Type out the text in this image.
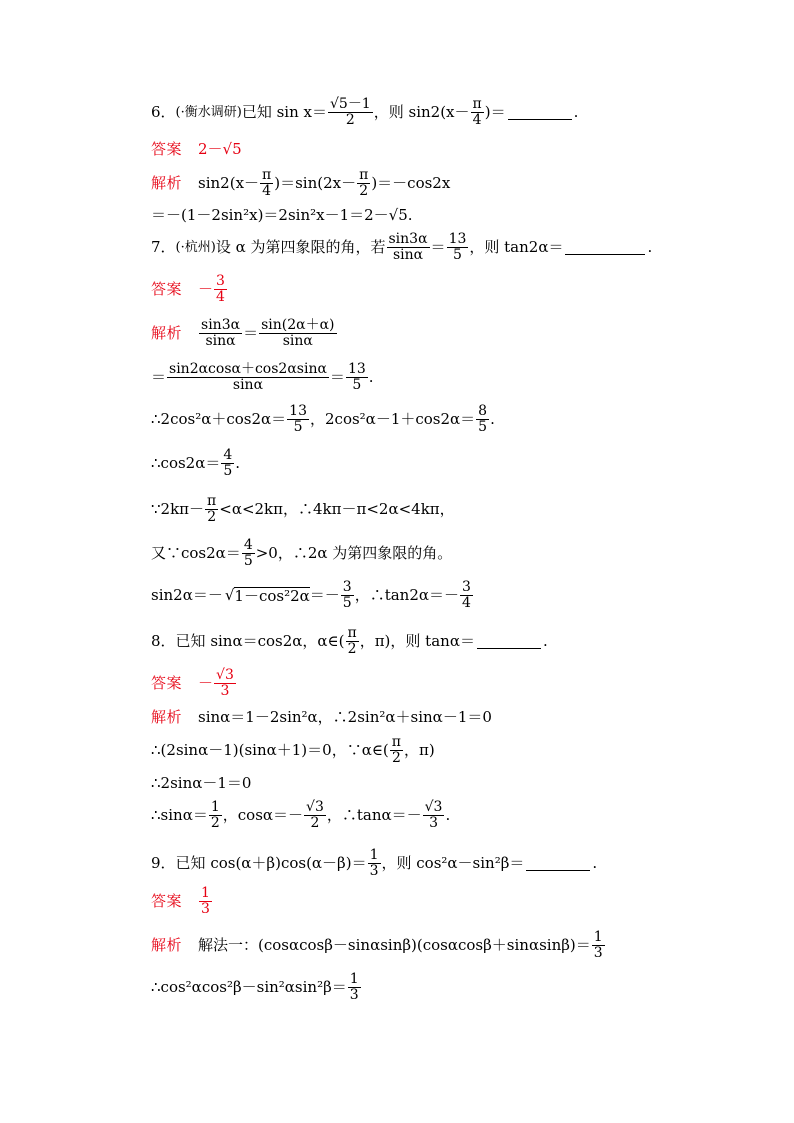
6． (·衡水调研) 已知 $\sin x= \frac{√5-1}{2}$ ，则 $\sin 2(x- \frac{\pi}{4}$ )＝	.
答案 2－√5
解析 $\sin 2(x- \frac{\pi}{4} )=\sin(2x- \frac{\pi}{2} )=-\cos 2x$
＝－(1－2sin²x)＝2sin²x－1＝2－√5.
7． (·杭州) 设 α 为第四象限的角，若 $\frac{\sin 3\alpha}{\sin\alpha} = \frac{13}{5}$ ，则 tan2α＝	.
答案 － $\frac{3}{4}$
解析 $\frac{\sin 3\alpha}{\sin\alpha} = \frac{\sin(2\alpha+\alpha)}{\sin\alpha}$
＝ $\frac{\sin 2\alpha\cos\alpha+\cos 2\alpha\sin\alpha}{\sin\alpha} = \frac{13}{5}$ .
∴2cos²α＋cos2α＝ $\frac{13}{5}$ ，$2\cos^2\alpha-1+\cos 2\alpha= \frac{8}{5}$ .
∴cos2α＝ $\frac{4}{5}$ .
∵2kπ－ $\frac{\pi}{2} <\alpha<2k\pi$，∴4kπ－π<2α<4kπ，
又∵cos2α＝ $\frac{4}{5} >0$，∴2α 为第四象限的角。
sin2α＝－ √ $1-\cos^22\alpha =- \frac{3}{5}$ ，∴tan2α＝－ $\frac{3}{4}$
8． 已知 sinα＝cos2α，α∈( $\frac{\pi}{2}$ ，π)，则 tanα＝	.
答案 － $\frac{√3}{3}$
解析 sinα＝1－2sin²α，∴2sin²α＋sinα－1＝0
∴(2sinα－1)(sinα＋1)＝0，∵α∈( $\frac{\pi}{2}$ ，π)
∴2sinα－1＝0
∴sinα＝ $\frac{1}{2}$ ，$\cos\alpha=- \frac{√3}{2}$ ，∴tanα＝－ $\frac{√3}{3}$ .
9． 已知 $\cos(\alpha+\beta)\cos(\alpha-\beta)= \frac{1}{3}$ ，则 cos²α－sin²β＝	.
答案 $\frac{1}{3}$
解析 解法一：$(\cos\alpha\cos\beta-\sin\alpha\sin\beta)(\cos\alpha\cos\beta+\sin\alpha\sin\beta)= \frac{1}{3}$
∴cos²αcos²β－sin²αsin²β＝ $\frac{1}{3}$
